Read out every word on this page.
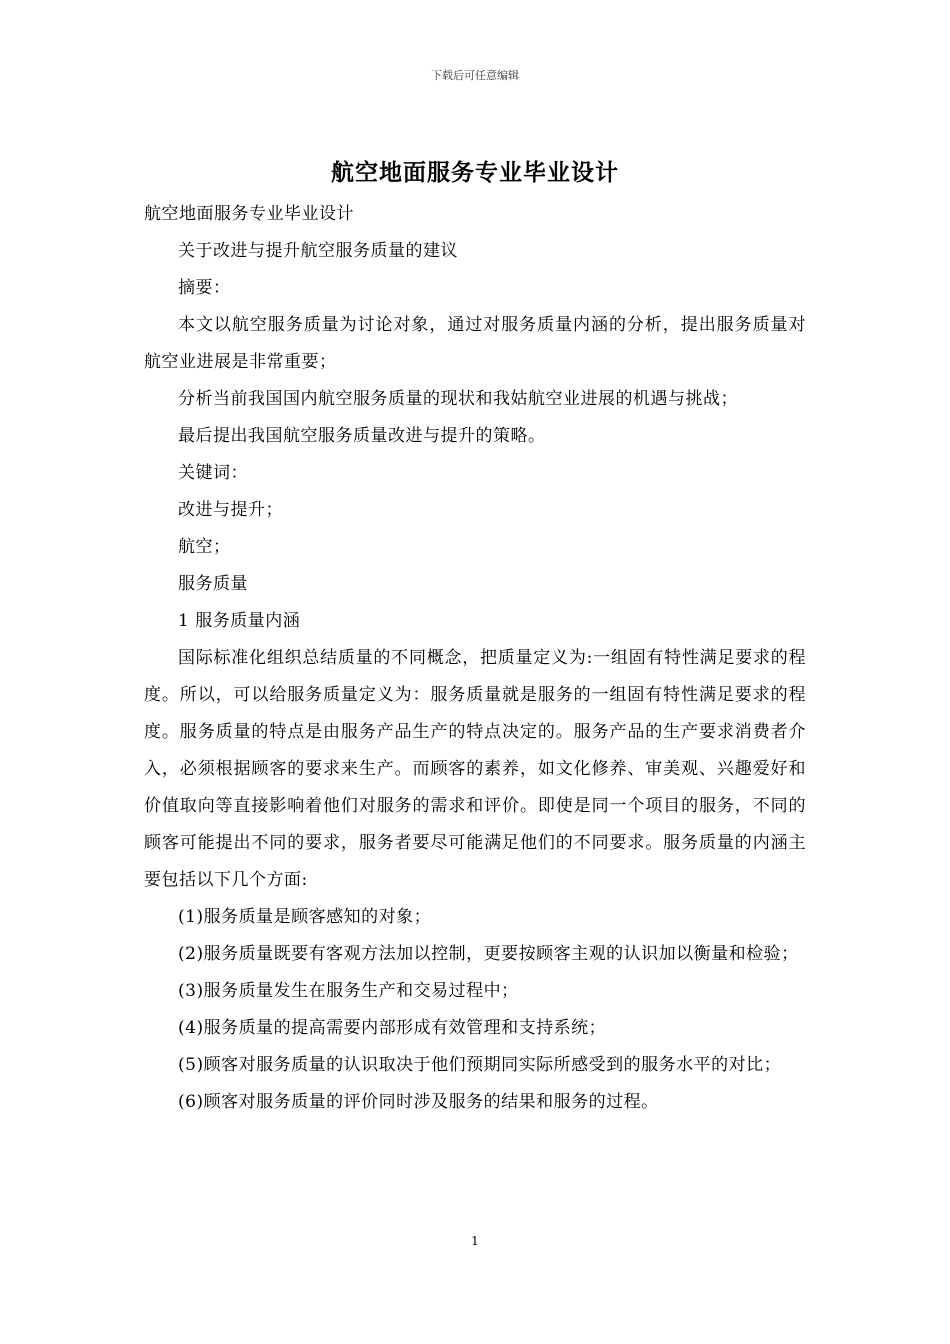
下载后可任意编辑
航空地面服务专业毕业设计

航空地面服务专业毕业设计

关于改进与提升航空服务质量的建议

摘要：

本文以航空服务质量为讨论对象，通过对服务质量内涵的分析，提出服务质量对航空业进展是非常重要；

分析当前我国国内航空服务质量的现状和我姑航空业进展的机遇与挑战；

最后提出我国航空服务质量改进与提升的策略。

关键词：

改进与提升；

航空；

服务质量

1 服务质量内涵

国际标准化组织总结质量的不同概念，把质量定义为:一组固有特性满足要求的程度。所以，可以给服务质量定义为：服务质量就是服务的一组固有特性满足要求的程度。服务质量的特点是由服务产品生产的特点决定的。服务产品的生产要求消费者介入，必须根据顾客的要求来生产。而顾客的素养，如文化修养、审美观、兴趣爱好和价值取向等直接影响着他们对服务的需求和评价。即使是同一个项目的服务，不同的顾客可能提出不同的要求，服务者要尽可能满足他们的不同要求。服务质量的内涵主要包括以下几个方面:

(1)服务质量是顾客感知的对象；

(2)服务质量既要有客观方法加以控制，更要按顾客主观的认识加以衡量和检验；

(3)服务质量发生在服务生产和交易过程中；

(4)服务质量的提高需要内部形成有效管理和支持系统；

(5)顾客对服务质量的认识取决于他们预期同实际所感受到的服务水平的对比；

(6)顾客对服务质量的评价同时涉及服务的结果和服务的过程。

1
